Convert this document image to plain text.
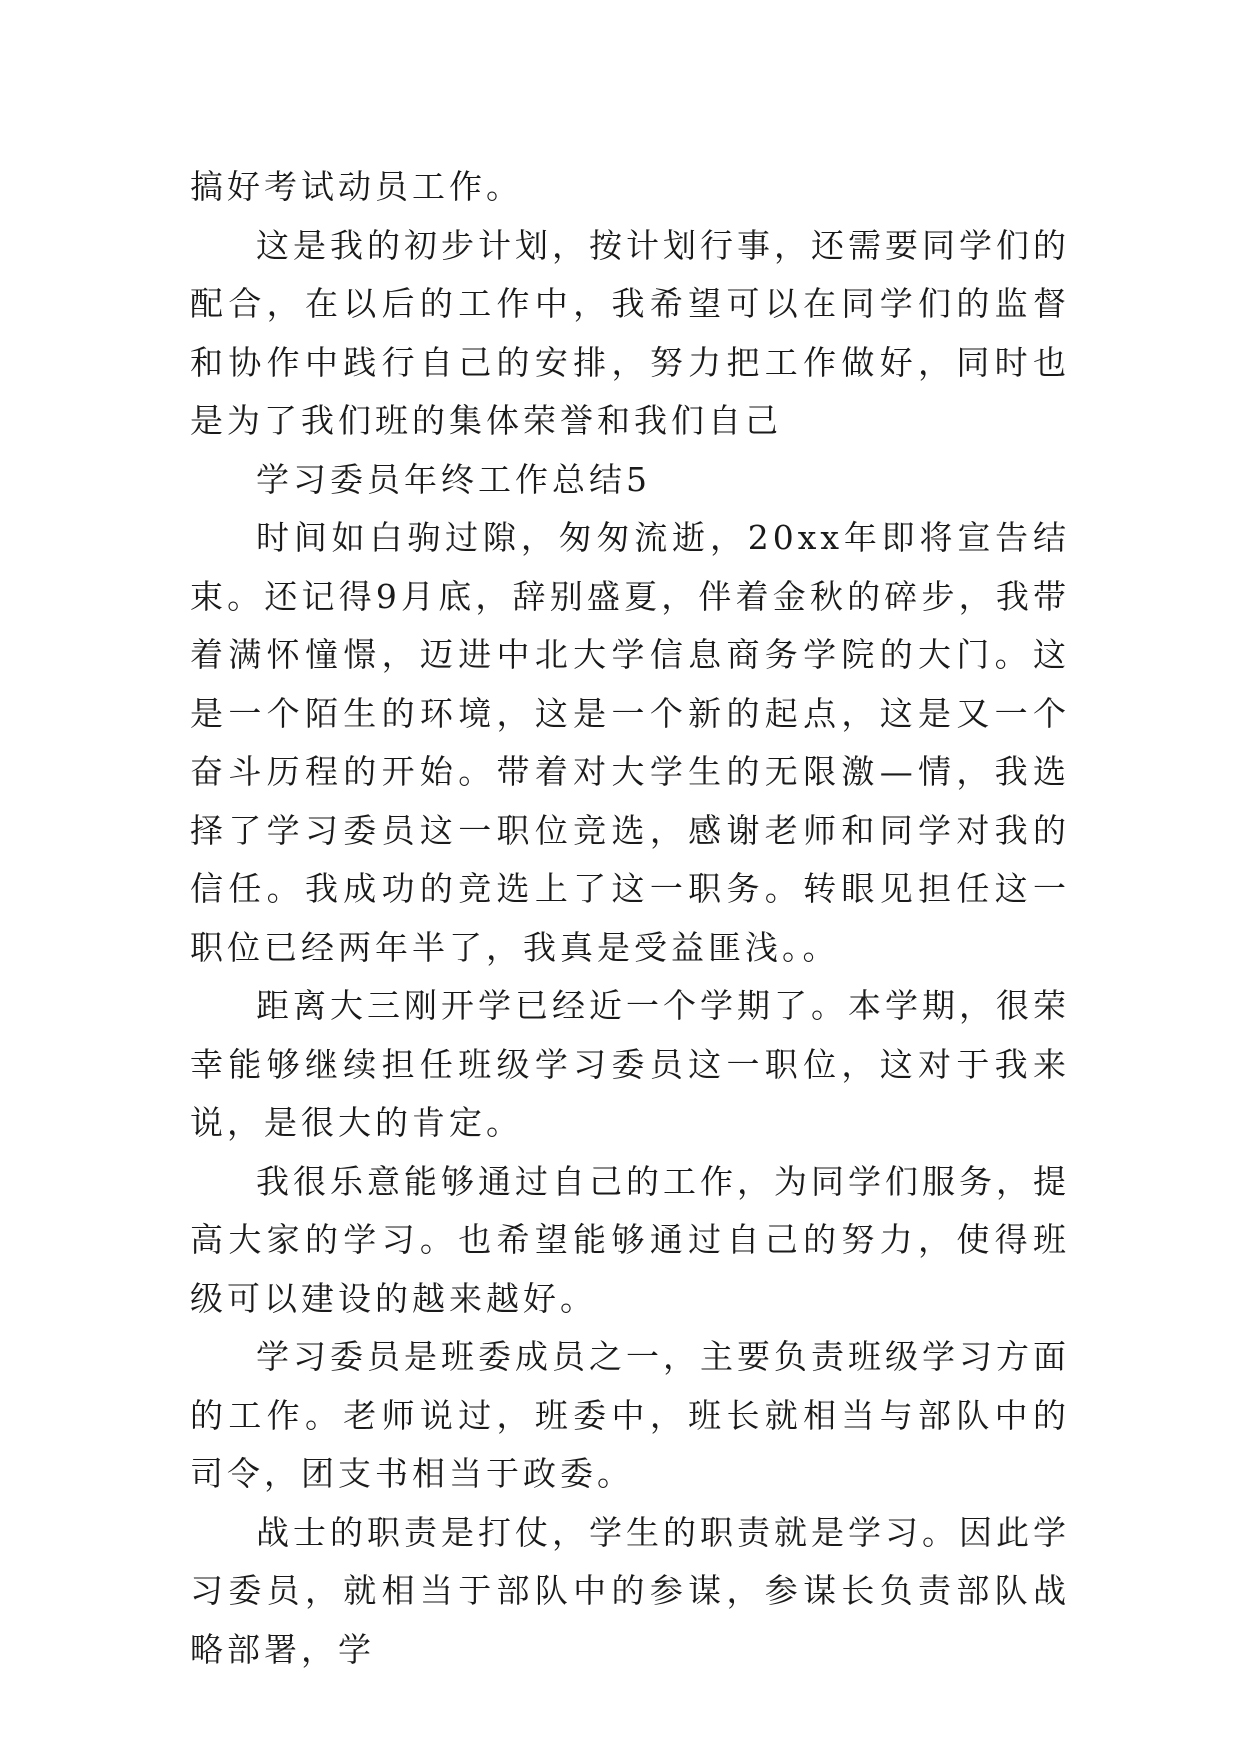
搞好考试动员工作。

这是我的初步计划，按计划行事，还需要同学们的配合，在以后的工作中，我希望可以在同学们的监督和协作中践行自己的安排，努力把工作做好，同时也是为了我们班的集体荣誉和我们自己

学习委员年终工作总结5

时间如白驹过隙，匆匆流逝，20xx年即将宣告结束。还记得9月底，辞别盛夏，伴着金秋的碎步，我带着满怀憧憬，迈进中北大学信息商务学院的大门。这是一个陌生的环境，这是一个新的起点，这是又一个奋斗历程的开始。带着对大学生的无限激—情，我选择了学习委员这一职位竞选，感谢老师和同学对我的信任。我成功的竞选上了这一职务。转眼见担任这一职位已经两年半了，我真是受益匪浅。。

距离大三刚开学已经近一个学期了。本学期，很荣幸能够继续担任班级学习委员这一职位，这对于我来说，是很大的肯定。

我很乐意能够通过自己的工作，为同学们服务，提高大家的学习。也希望能够通过自己的努力，使得班级可以建设的越来越好。

学习委员是班委成员之一，主要负责班级学习方面的工作。老师说过，班委中，班长就相当与部队中的司令，团支书相当于政委。

战士的职责是打仗，学生的职责就是学习。因此学习委员，就相当于部队中的参谋，参谋长负责部队战略部署，学
